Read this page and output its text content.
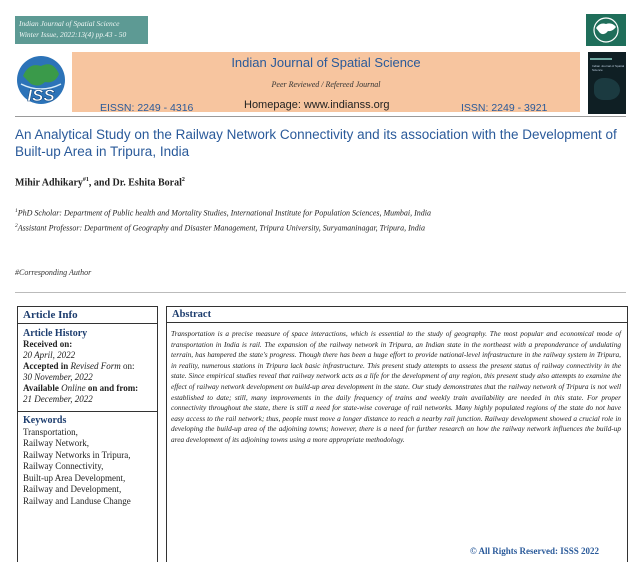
Indian Journal of Spatial Science
Winter Issue, 2022:13(4) pp.43 - 50
ISS
Indian Journal of Spatial Science
Peer Reviewed / Refereed Journal
EISSN: 2249 - 4316	Homepage: www.indianss.org	ISSN: 2249 - 3921
Indian Journal of Spatial Science
An Analytical Study on the Railway Network Connectivity and its association with the Development of Built-up Area in Tripura, India
Mihir Adhikary$^{\#1}$, and Dr. Eshita Boral$^2$
$^1$PhD Scholar: Department of Public health and Mortality Studies, International Institute for Population Sciences, Mumbai, India
$^2$Assistant Professor: Department of Geography and Disaster Management, Tripura University, Suryamaninagar, Tripura, India
#Corresponding Author
Article Info
Article History
Received on:
20 April, 2022
Accepted in Revised Form on:
30 November, 2022
Available Online on and from:
21 December, 2022
Keywords
Transportation,
Railway Network,
Railway Networks in Tripura,
Railway Connectivity,
Built-up Area Development,
Railway and Development,
Railway and Landuse Change
Abstract
Transportation is a precise measure of space interactions, which is essential to the study of geography. The most popular and economical mode of transportation in India is rail. The expansion of the railway network in Tripura, an Indian state in the northeast with a preponderance of undulating terrain, has hampered the state's progress. Though there has been a huge effort to provide national-level infrastructure in the railway system in Tripura, in reality, numerous stations in Tripura lack basic infrastructure. This present study attempts to assess the present status of railway connectivity in the state. Since empirical studies reveal that railway network acts as a life for the development of any region, this present study also attempts to examine the effect of railway network development on build-up area development in the state. Our study demonstrates that the railway network of Tripura is not well established to date; still, many improvements in the daily frequency of trains and weekly train availability are needed in this state. For proper connectivity throughout the state, there is still a need for state-wise coverage of rail networks. Many highly populated regions of the state do not have easy access to the rail network; thus, people must move a longer distance to reach a nearby rail junction. Railway development showed a crucial role in developing the build-up area of the adjoining towns; however, there is a need for further research on how the railway network influences the build-up area development of its adjoining towns using a more appropriate methodology.
© All Rights Reserved: ISSS 2022
